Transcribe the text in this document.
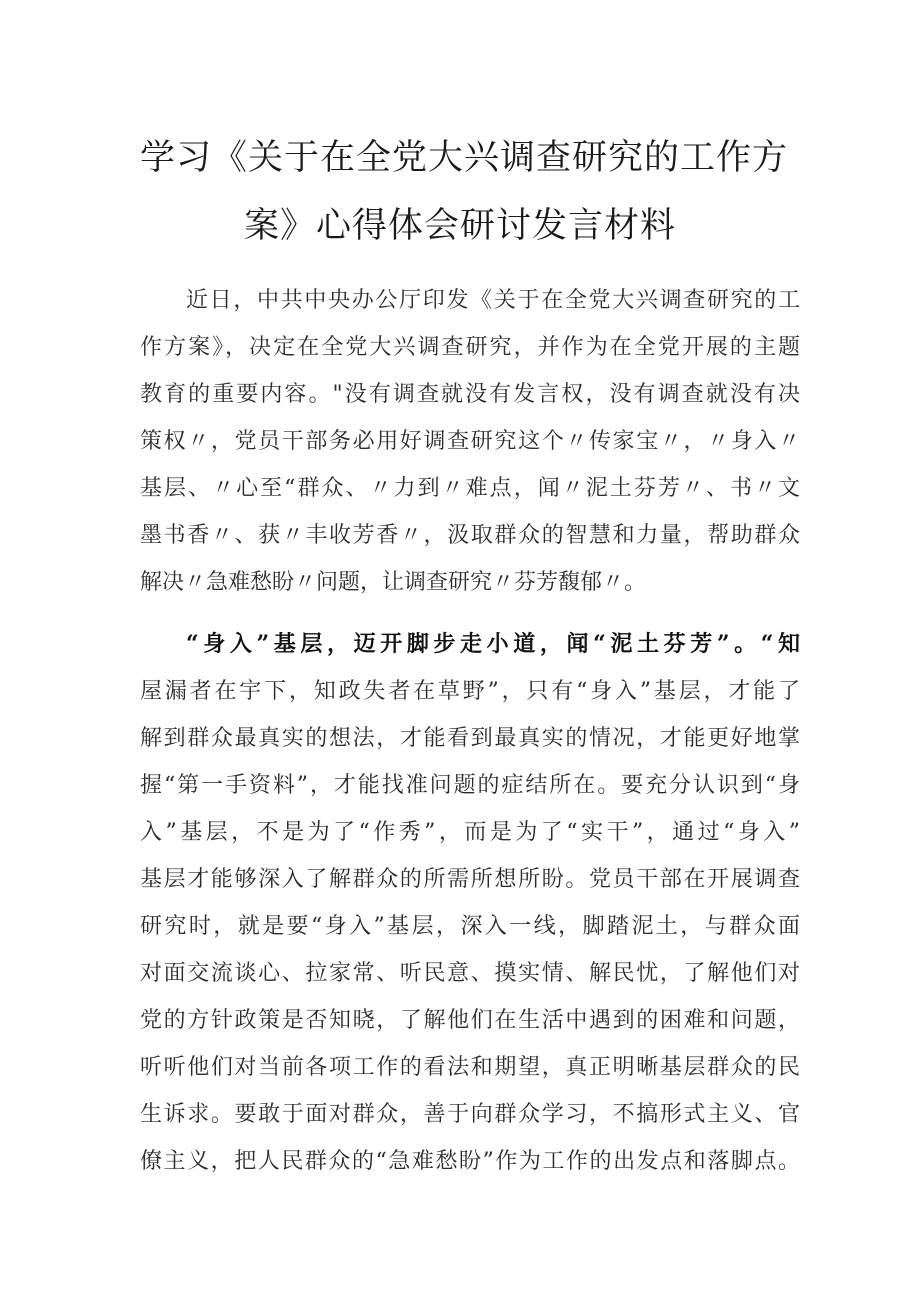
学习《关于在全党大兴调查研究的工作方
案》心得体会研讨发言材料
近日，中共中央办公厅印发《关于在全党大兴调查研究的工
作方案》，决定在全党大兴调查研究，并作为在全党开展的主题
教育的重要内容。"没有调查就没有发言权，没有调查就没有决
策权〃，党员干部务必用好调查研究这个〃传家宝〃，〃身入〃
基层、〃心至“群众、〃力到〃难点，闻〃泥土芬芳〃、书〃文
墨书香〃、获〃丰收芳香〃，汲取群众的智慧和力量，帮助群众
解决〃急难愁盼〃问题，让调查研究〃芬芳馥郁〃。
“身入”基层，迈开脚步走小道，闻“泥土芬芳”。“知
屋漏者在宇下，知政失者在草野”，只有“身入”基层，才能了
解到群众最真实的想法，才能看到最真实的情况，才能更好地掌
握“第一手资料”，才能找准问题的症结所在。要充分认识到“身
入”基层，不是为了“作秀”，而是为了“实干”，通过“身入”
基层才能够深入了解群众的所需所想所盼。党员干部在开展调查
研究时，就是要“身入”基层，深入一线，脚踏泥土，与群众面
对面交流谈心、拉家常、听民意、摸实情、解民忧，了解他们对
党的方针政策是否知晓，了解他们在生活中遇到的困难和问题，
听听他们对当前各项工作的看法和期望，真正明晰基层群众的民
生诉求。要敢于面对群众，善于向群众学习，不搞形式主义、官
僚主义，把人民群众的“急难愁盼”作为工作的出发点和落脚点。
